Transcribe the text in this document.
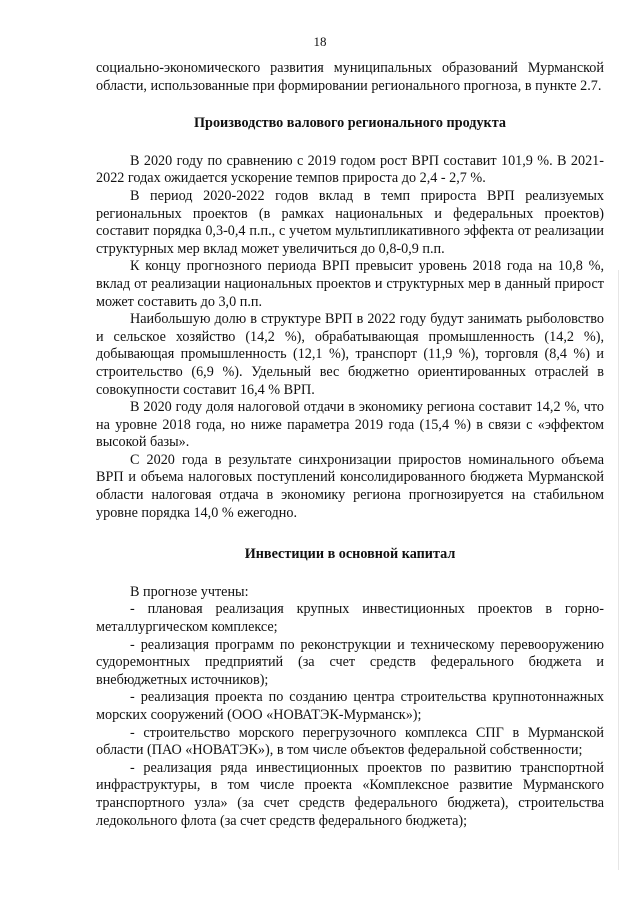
18

социально-экономического развития муниципальных образований Мурманской области, использованные при формировании регионального прогноза, в пункте 2.7.

Производство валового регионального продукта

В 2020 году по сравнению с 2019 годом рост ВРП составит 101,9 %. В 2021-2022 годах ожидается ускорение темпов прироста до 2,4 - 2,7 %.

В период 2020-2022 годов вклад в темп прироста ВРП реализуемых региональных проектов (в рамках национальных и федеральных проектов) составит порядка 0,3-0,4 п.п., с учетом мультипликативного эффекта от реализации структурных мер вклад может увеличиться до 0,8-0,9 п.п.

К концу прогнозного периода ВРП превысит уровень 2018 года на 10,8 %, вклад от реализации национальных проектов и структурных мер в данный прирост может составить до 3,0 п.п.

Наибольшую долю в структуре ВРП в 2022 году будут занимать рыболовство и сельское хозяйство (14,2 %), обрабатывающая промышленность (14,2 %), добывающая промышленность (12,1 %), транспорт (11,9 %), торговля (8,4 %) и строительство (6,9 %). Удельный вес бюджетно ориентированных отраслей в совокупности составит 16,4 % ВРП.

В 2020 году доля налоговой отдачи в экономику региона составит 14,2 %, что на уровне 2018 года, но ниже параметра 2019 года (15,4 %) в связи с «эффектом высокой базы».

С 2020 года в результате синхронизации приростов номинального объема ВРП и объема налоговых поступлений консолидированного бюджета Мурманской области налоговая отдача в экономику региона прогнозируется на стабильном уровне порядка 14,0 % ежегодно.

Инвестиции в основной капитал

В прогнозе учтены:

- плановая реализация крупных инвестиционных проектов в горно-металлургическом комплексе;

- реализация программ по реконструкции и техническому перевооружению судоремонтных предприятий (за счет средств федерального бюджета и внебюджетных источников);

- реализация проекта по созданию центра строительства крупнотоннажных морских сооружений (ООО «НОВАТЭК-Мурманск»);

- строительство морского перегрузочного комплекса СПГ в Мурманской области (ПАО «НОВАТЭК»), в том числе объектов федеральной собственности;

- реализация ряда инвестиционных проектов по развитию транспортной инфраструктуры, в том числе проекта «Комплексное развитие Мурманского транспортного узла» (за счет средств федерального бюджета), строительства ледокольного флота (за счет средств федерального бюджета);
